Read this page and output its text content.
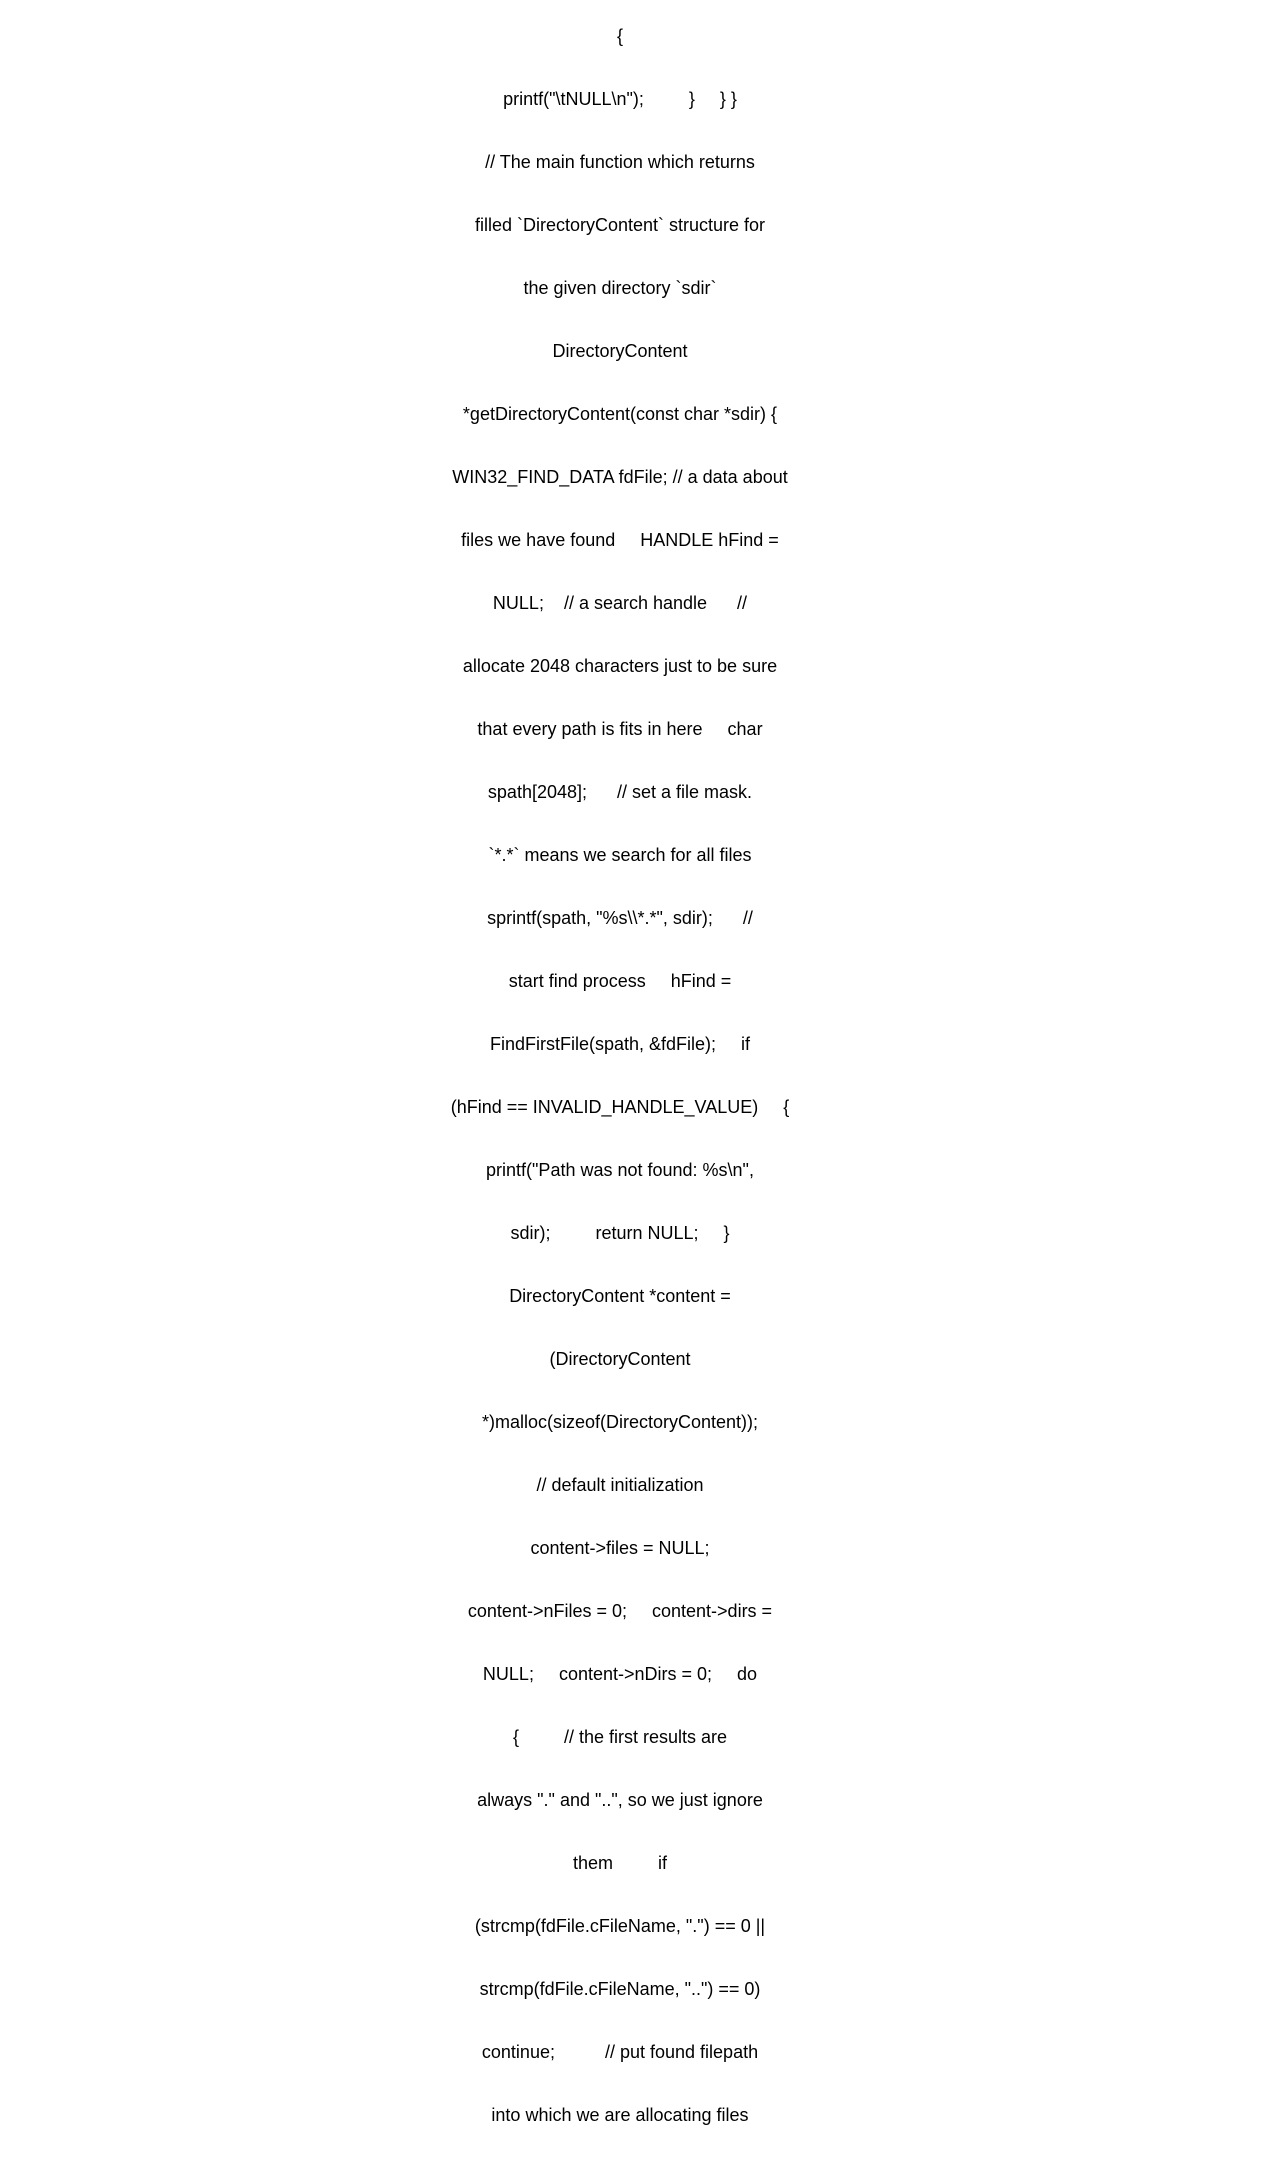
{

printf("\tNULL\n");         }     } }

// The main function which returns

filled `DirectoryContent` structure for

the given directory `sdir`

DirectoryContent

*getDirectoryContent(const char *sdir) {

WIN32_FIND_DATA fdFile; // a data about

files we have found     HANDLE hFind =

NULL;    // a search handle      //

allocate 2048 characters just to be sure

that every path is fits in here     char

spath[2048];      // set a file mask.

`*.*` means we search for all files

sprintf(spath, "%s\\*.*", sdir);      //

start find process     hFind =

FindFirstFile(spath, &fdFile);     if

(hFind == INVALID_HANDLE_VALUE)     {

printf("Path was not found: %s\n",

sdir);         return NULL;     }

DirectoryContent *content =

(DirectoryContent

*)malloc(sizeof(DirectoryContent));

// default initialization

content->files = NULL;

content->nFiles = 0;     content->dirs =

NULL;     content->nDirs = 0;     do

{         // the first results are

always "." and "..", so we just ignore

them         if

(strcmp(fdFile.cFileName, ".") == 0 ||

strcmp(fdFile.cFileName, "..") == 0)

continue;          // put found filepath

into which we are allocating files
